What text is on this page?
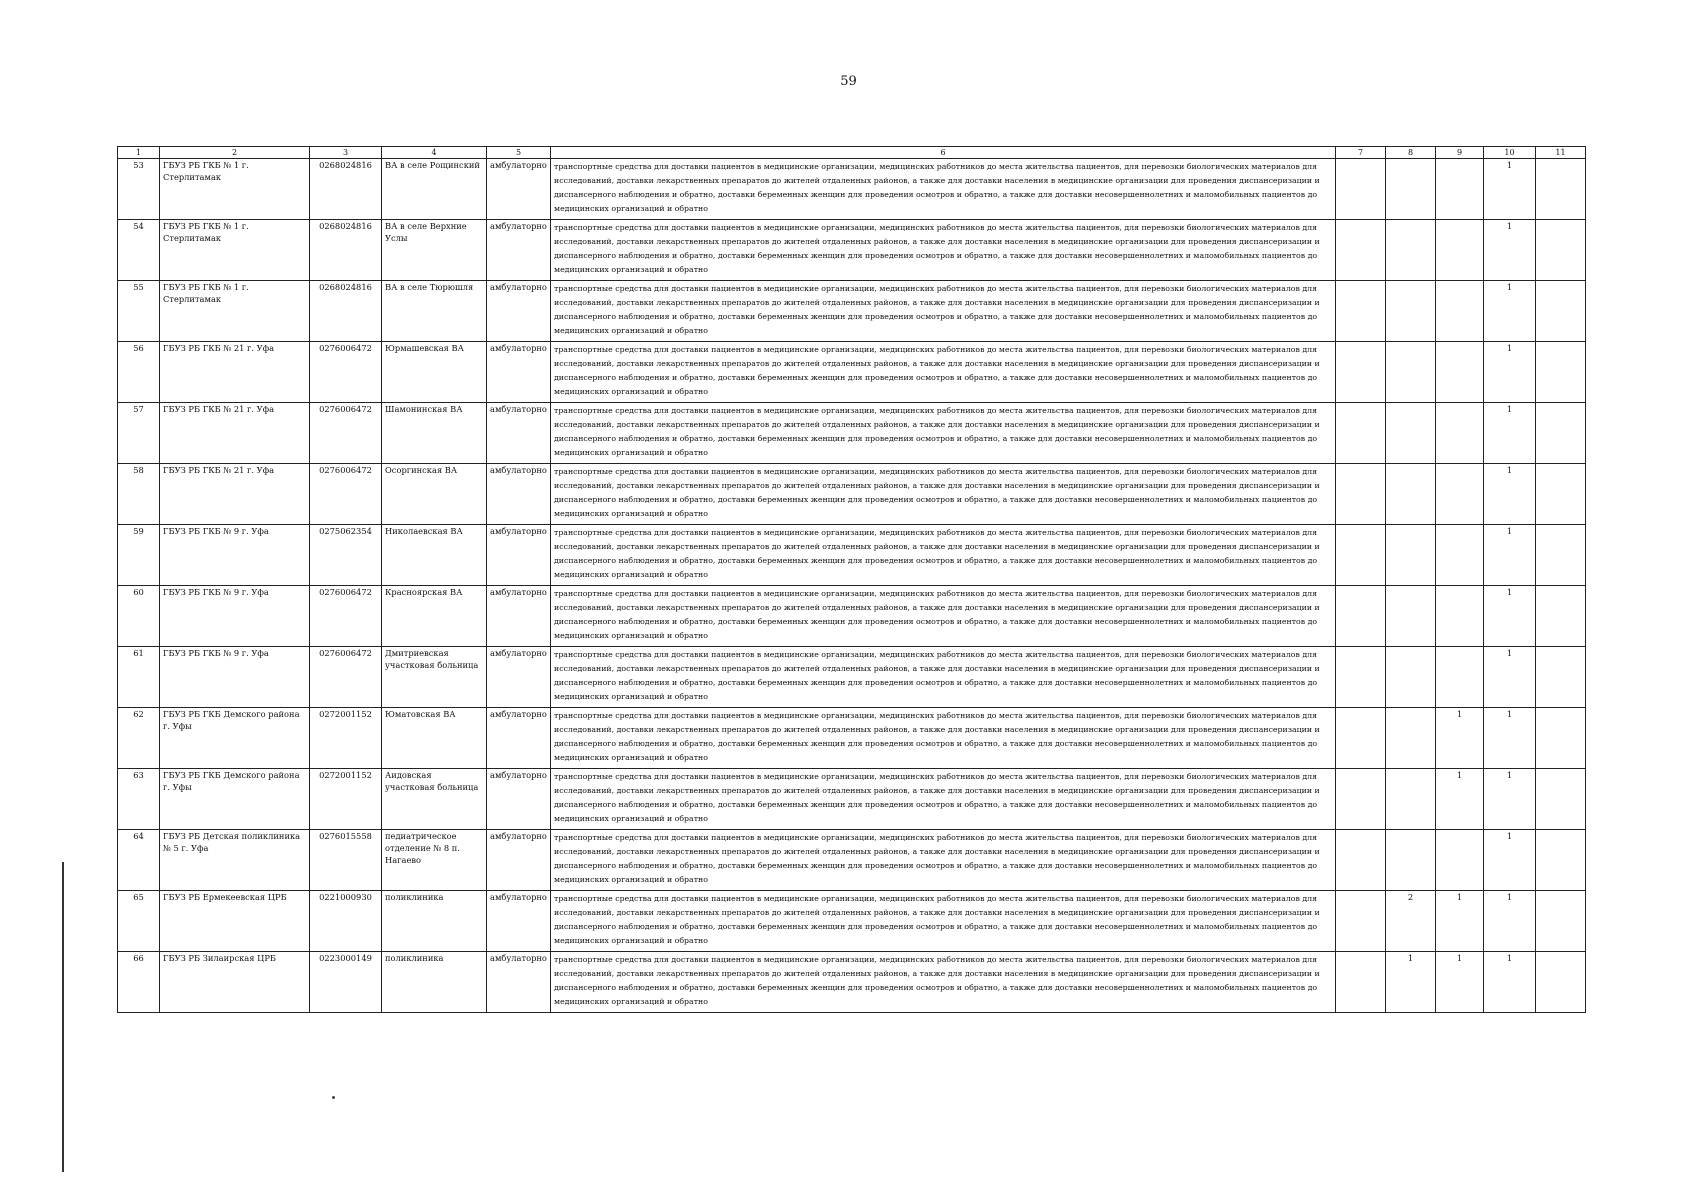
59
1	2	3	4	5	6	7	8	9	10	11
53	ГБУЗ РБ ГКБ № 1 г. Стерлитамак	0268024816	ВА в селе Рощинский	амбулаторно	транспортные средства для доставки пациентов в медицинские организации, медицинских работников до места жительства пациентов, для перевозки биологических материалов для исследований, доставки лекарственных препаратов до жителей отдаленных районов, а также для доставки населения в медицинские организации для проведения диспансеризации и диспансерного наблюдения и обратно, доставки беременных женщин для проведения осмотров и обратно, а также для доставки несовершеннолетних и маломобильных пациентов до медицинских организаций и обратно				1	
54	ГБУЗ РБ ГКБ № 1 г. Стерлитамак	0268024816	ВА в селе Верхние Услы	амбулаторно	транспортные средства для доставки пациентов в медицинские организации, медицинских работников до места жительства пациентов, для перевозки биологических материалов для исследований, доставки лекарственных препаратов до жителей отдаленных районов, а также для доставки населения в медицинские организации для проведения диспансеризации и диспансерного наблюдения и обратно, доставки беременных женщин для проведения осмотров и обратно, а также для доставки несовершеннолетних и маломобильных пациентов до медицинских организаций и обратно				1	
55	ГБУЗ РБ ГКБ № 1 г. Стерлитамак	0268024816	ВА в селе Тюрюшля	амбулаторно	транспортные средства для доставки пациентов в медицинские организации, медицинских работников до места жительства пациентов, для перевозки биологических материалов для исследований, доставки лекарственных препаратов до жителей отдаленных районов, а также для доставки населения в медицинские организации для проведения диспансеризации и диспансерного наблюдения и обратно, доставки беременных женщин для проведения осмотров и обратно, а также для доставки несовершеннолетних и маломобильных пациентов до медицинских организаций и обратно				1	
56	ГБУЗ РБ ГКБ № 21 г. Уфа	0276006472	Юрмашевская ВА	амбулаторно	транспортные средства для доставки пациентов в медицинские организации, медицинских работников до места жительства пациентов, для перевозки биологических материалов для исследований, доставки лекарственных препаратов до жителей отдаленных районов, а также для доставки населения в медицинские организации для проведения диспансеризации и диспансерного наблюдения и обратно, доставки беременных женщин для проведения осмотров и обратно, а также для доставки несовершеннолетних и маломобильных пациентов до медицинских организаций и обратно				1	
57	ГБУЗ РБ ГКБ № 21 г. Уфа	0276006472	Шамонинская ВА	амбулаторно	транспортные средства для доставки пациентов в медицинские организации, медицинских работников до места жительства пациентов, для перевозки биологических материалов для исследований, доставки лекарственных препаратов до жителей отдаленных районов, а также для доставки населения в медицинские организации для проведения диспансеризации и диспансерного наблюдения и обратно, доставки беременных женщин для проведения осмотров и обратно, а также для доставки несовершеннолетних и маломобильных пациентов до медицинских организаций и обратно				1	
58	ГБУЗ РБ ГКБ № 21 г. Уфа	0276006472	Осоргинская ВА	амбулаторно	транспортные средства для доставки пациентов в медицинские организации, медицинских работников до места жительства пациентов, для перевозки биологических материалов для исследований, доставки лекарственных препаратов до жителей отдаленных районов, а также для доставки населения в медицинские организации для проведения диспансеризации и диспансерного наблюдения и обратно, доставки беременных женщин для проведения осмотров и обратно, а также для доставки несовершеннолетних и маломобильных пациентов до медицинских организаций и обратно				1	
59	ГБУЗ РБ ГКБ № 9 г. Уфа	0275062354	Николаевская ВА	амбулаторно	транспортные средства для доставки пациентов в медицинские организации, медицинских работников до места жительства пациентов, для перевозки биологических материалов для исследований, доставки лекарственных препаратов до жителей отдаленных районов, а также для доставки населения в медицинские организации для проведения диспансеризации и диспансерного наблюдения и обратно, доставки беременных женщин для проведения осмотров и обратно, а также для доставки несовершеннолетних и маломобильных пациентов до медицинских организаций и обратно				1	
60	ГБУЗ РБ ГКБ № 9 г. Уфа	0276006472	Красноярская ВА	амбулаторно	транспортные средства для доставки пациентов в медицинские организации, медицинских работников до места жительства пациентов, для перевозки биологических материалов для исследований, доставки лекарственных препаратов до жителей отдаленных районов, а также для доставки населения в медицинские организации для проведения диспансеризации и диспансерного наблюдения и обратно, доставки беременных женщин для проведения осмотров и обратно, а также для доставки несовершеннолетних и маломобильных пациентов до медицинских организаций и обратно				1	
61	ГБУЗ РБ ГКБ № 9 г. Уфа	0276006472	Дмитриевская участковая больница	амбулаторно	транспортные средства для доставки пациентов в медицинские организации, медицинских работников до места жительства пациентов, для перевозки биологических материалов для исследований, доставки лекарственных препаратов до жителей отдаленных районов, а также для доставки населения в медицинские организации для проведения диспансеризации и диспансерного наблюдения и обратно, доставки беременных женщин для проведения осмотров и обратно, а также для доставки несовершеннолетних и маломобильных пациентов до медицинских организаций и обратно				1	
62	ГБУЗ РБ ГКБ Демского района г. Уфы	0272001152	Юматовская ВА	амбулаторно	транспортные средства для доставки пациентов в медицинские организации, медицинских работников до места жительства пациентов, для перевозки биологических материалов для исследований, доставки лекарственных препаратов до жителей отдаленных районов, а также для доставки населения в медицинские организации для проведения диспансеризации и диспансерного наблюдения и обратно, доставки беременных женщин для проведения осмотров и обратно, а также для доставки несовершеннолетних и маломобильных пациентов до медицинских организаций и обратно			1	1	
63	ГБУЗ РБ ГКБ Демского района г. Уфы	0272001152	Аидовская участковая больница	амбулаторно	транспортные средства для доставки пациентов в медицинские организации, медицинских работников до места жительства пациентов, для перевозки биологических материалов для исследований, доставки лекарственных препаратов до жителей отдаленных районов, а также для доставки населения в медицинские организации для проведения диспансеризации и диспансерного наблюдения и обратно, доставки беременных женщин для проведения осмотров и обратно, а также для доставки несовершеннолетних и маломобильных пациентов до медицинских организаций и обратно			1	1	
64	ГБУЗ РБ Детская поликлиника № 5 г. Уфа	0276015558	педиатрическое отделение № 8 п. Нагаево	амбулаторно	транспортные средства для доставки пациентов в медицинские организации, медицинских работников до места жительства пациентов, для перевозки биологических материалов для исследований, доставки лекарственных препаратов до жителей отдаленных районов, а также для доставки населения в медицинские организации для проведения диспансеризации и диспансерного наблюдения и обратно, доставки беременных женщин для проведения осмотров и обратно, а также для доставки несовершеннолетних и маломобильных пациентов до медицинских организаций и обратно				1	
65	ГБУЗ РБ Ермекеевская ЦРБ	0221000930	поликлиника	амбулаторно	транспортные средства для доставки пациентов в медицинские организации, медицинских работников до места жительства пациентов, для перевозки биологических материалов для исследований, доставки лекарственных препаратов до жителей отдаленных районов, а также для доставки населения в медицинские организации для проведения диспансеризации и диспансерного наблюдения и обратно, доставки беременных женщин для проведения осмотров и обратно, а также для доставки несовершеннолетних и маломобильных пациентов до медицинских организаций и обратно		2	1	1	
66	ГБУЗ РБ Зилаирская ЦРБ	0223000149	поликлиника	амбулаторно	транспортные средства для доставки пациентов в медицинские организации, медицинских работников до места жительства пациентов, для перевозки биологических материалов для исследований, доставки лекарственных препаратов до жителей отдаленных районов, а также для доставки населения в медицинские организации для проведения диспансеризации и диспансерного наблюдения и обратно, доставки беременных женщин для проведения осмотров и обратно, а также для доставки несовершеннолетних и маломобильных пациентов до медицинских организаций и обратно		1	1	1	
